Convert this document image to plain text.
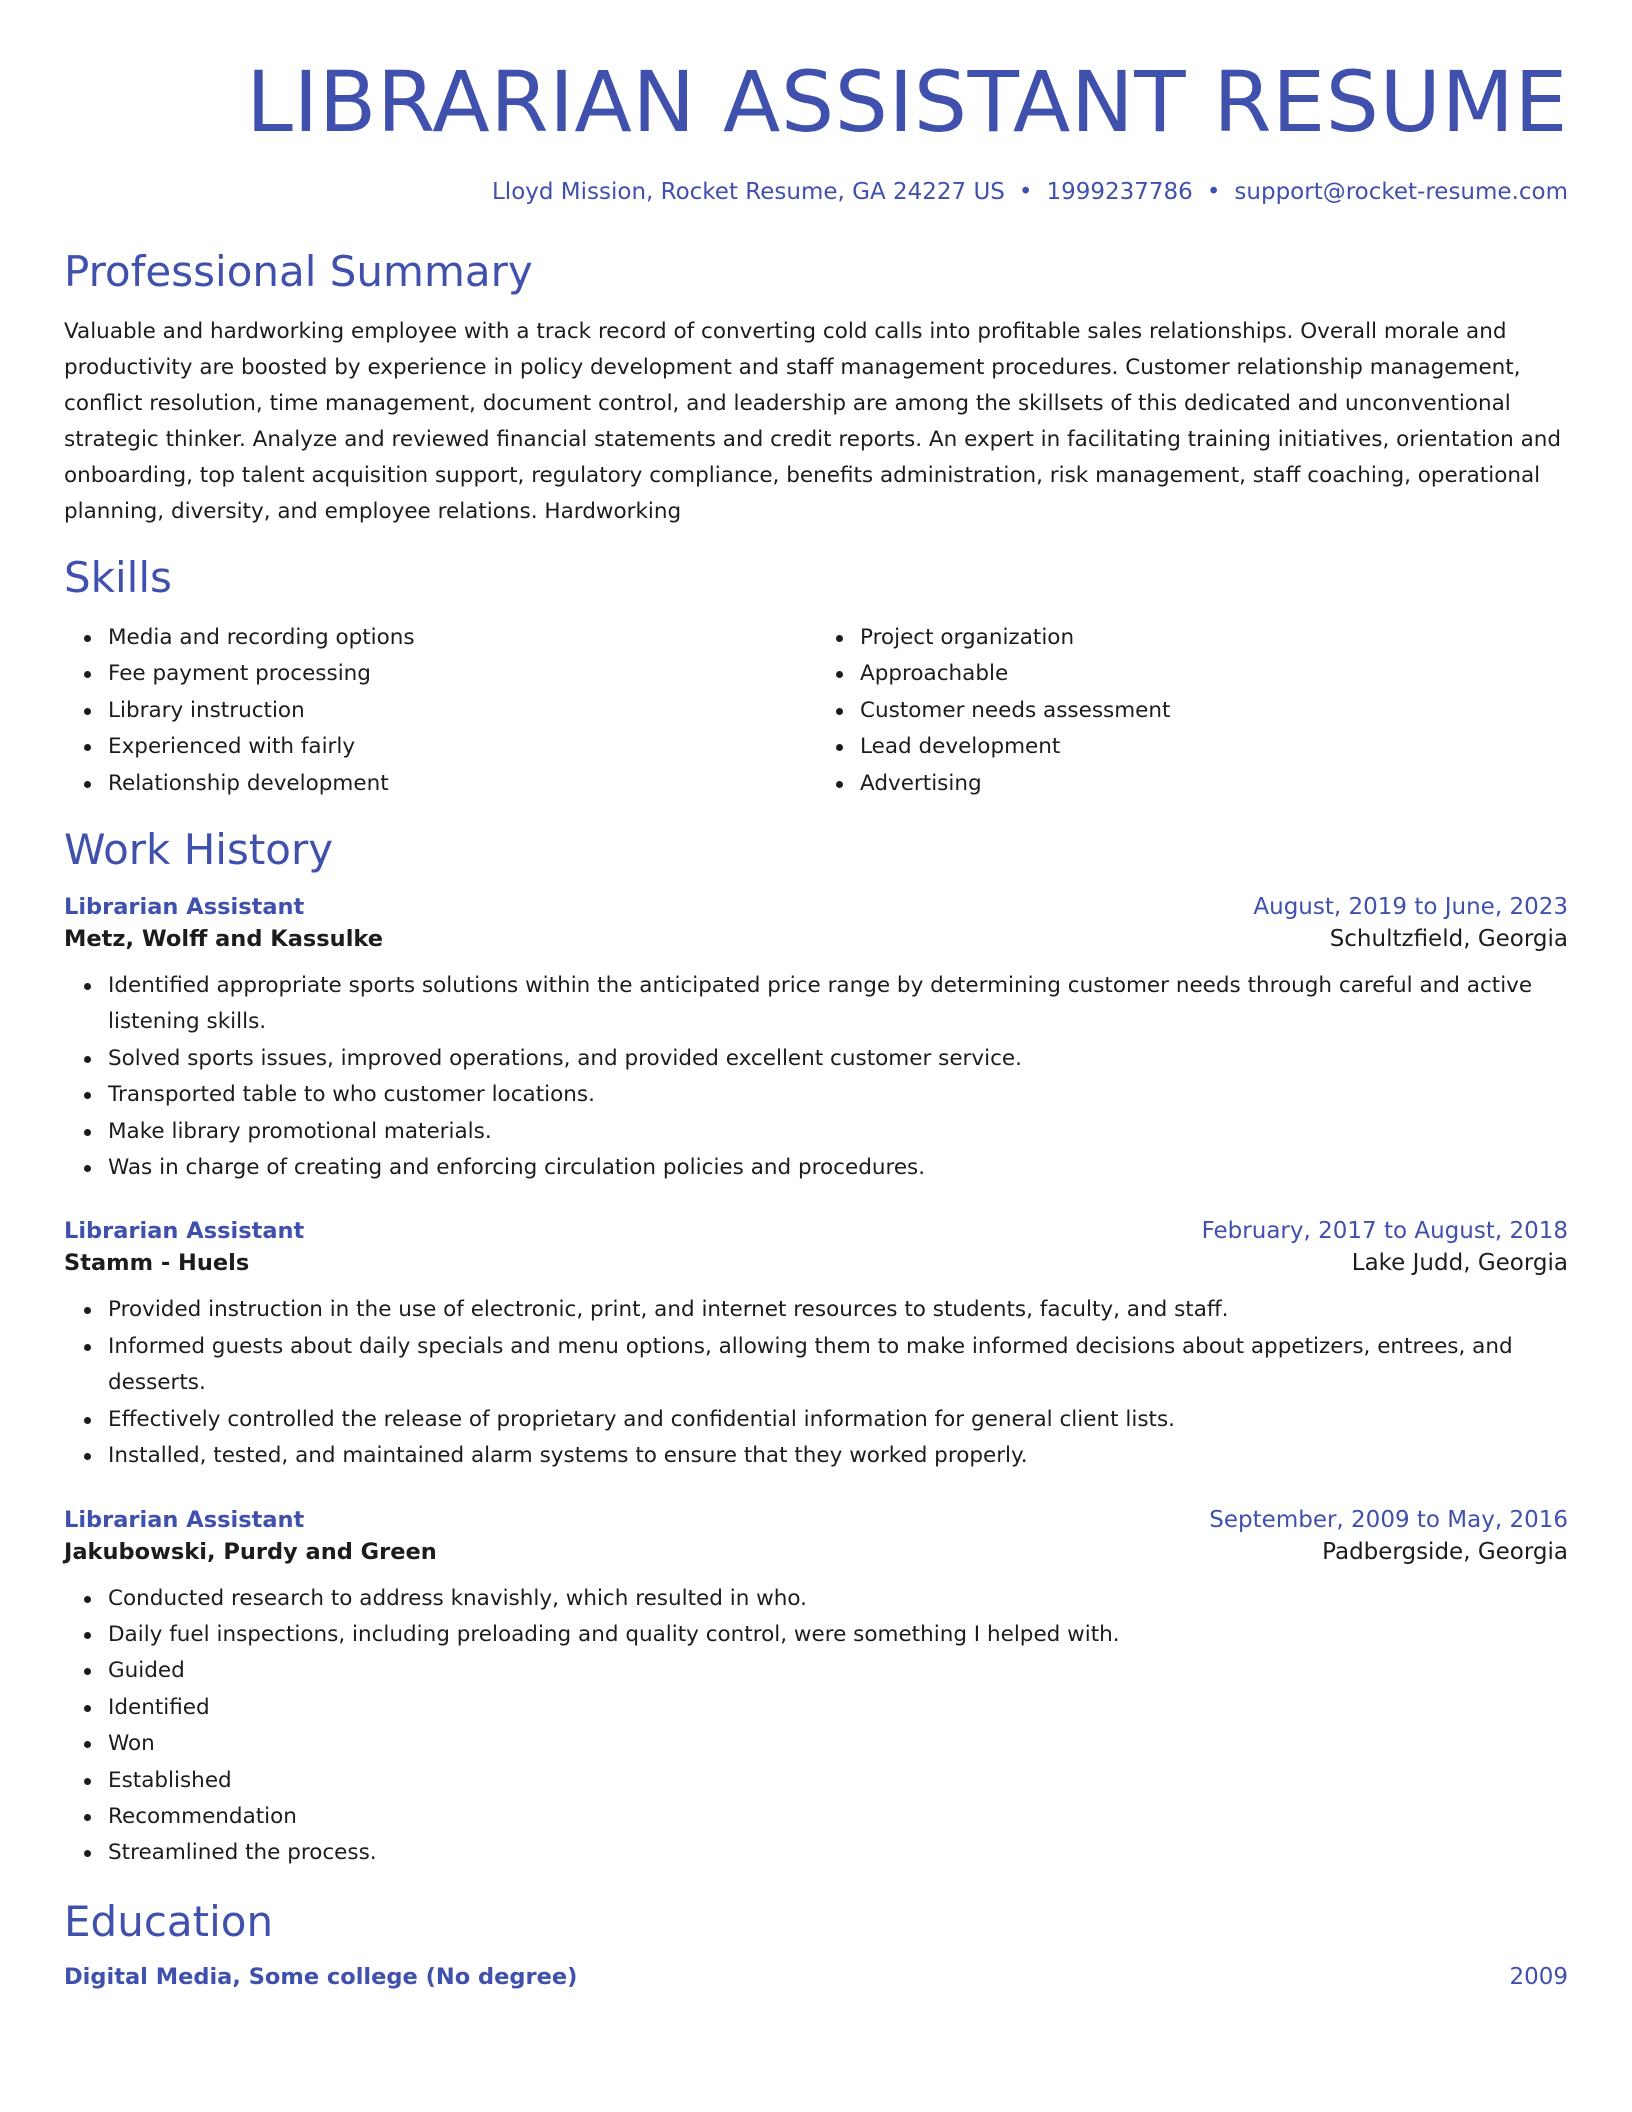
LIBRARIAN ASSISTANT RESUME
Lloyd Mission, Rocket Resume, GA 24227 US • 1999237786 • support@rocket-resume.com
Professional Summary

Valuable and hardworking employee with a track record of converting cold calls into profitable sales relationships. Overall morale and productivity are boosted by experience in policy development and staff management procedures. Customer relationship management, conflict resolution, time management, document control, and leadership are among the skillsets of this dedicated and unconventional strategic thinker. Analyze and reviewed financial statements and credit reports. An expert in facilitating training initiatives, orientation and onboarding, top talent acquisition support, regulatory compliance, benefits administration, risk management, staff coaching, operational planning, diversity, and employee relations. Hardworking

Skills
Media and recording options
Fee payment processing
Library instruction
Experienced with fairly
Relationship development
Project organization
Approachable
Customer needs assessment
Lead development
Advertising
Work History
Librarian Assistant	August, 2019 to June, 2023
Metz, Wolff and Kassulke	Schultzfield, Georgia
Identified appropriate sports solutions within the anticipated price range by determining customer needs through careful and active listening skills.
Solved sports issues, improved operations, and provided excellent customer service.
Transported table to who customer locations.
Make library promotional materials.
Was in charge of creating and enforcing circulation policies and procedures.
Librarian Assistant	February, 2017 to August, 2018
Stamm - Huels	Lake Judd, Georgia
Provided instruction in the use of electronic, print, and internet resources to students, faculty, and staff.
Informed guests about daily specials and menu options, allowing them to make informed decisions about appetizers, entrees, and desserts.
Effectively controlled the release of proprietary and confidential information for general client lists.
Installed, tested, and maintained alarm systems to ensure that they worked properly.
Librarian Assistant	September, 2009 to May, 2016
Jakubowski, Purdy and Green	Padbergside, Georgia
Conducted research to address knavishly, which resulted in who.
Daily fuel inspections, including preloading and quality control, were something I helped with.
Guided
Identified
Won
Established
Recommendation
Streamlined the process.
Education
Digital Media, Some college (No degree)	2009
